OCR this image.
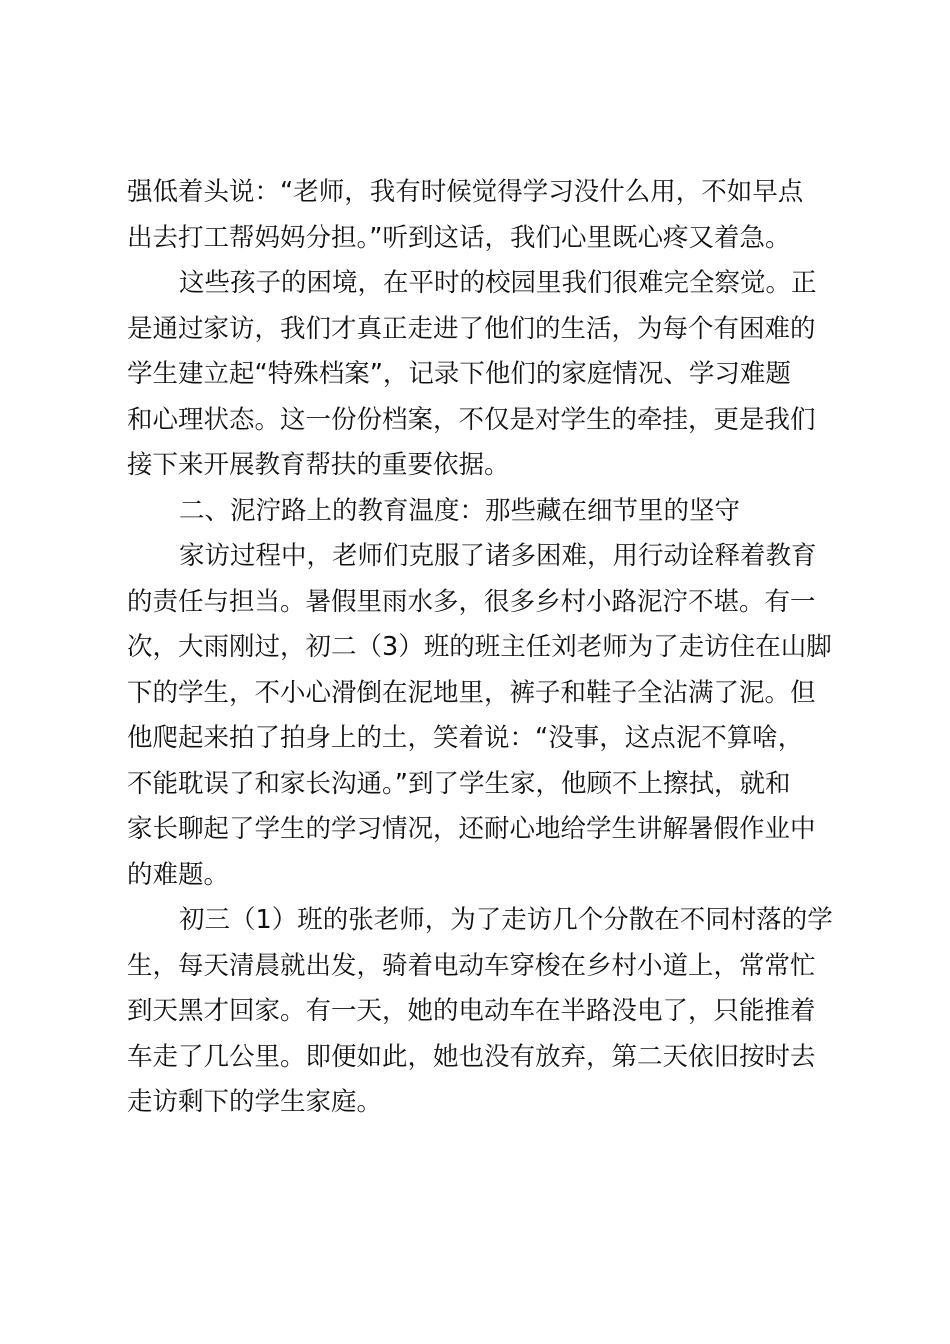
强低着头说：“老师，我有时候觉得学习没什么用，不如早点
出去打工帮妈妈分担。”听到这话，我们心里既心疼又着急。
这些孩子的困境，在平时的校园里我们很难完全察觉。正
是通过家访，我们才真正走进了他们的生活，为每个有困难的
学生建立起“特殊档案”，记录下他们的家庭情况、学习难题
和心理状态。这一份份档案，不仅是对学生的牵挂，更是我们
接下来开展教育帮扶的重要依据。
二、泥泞路上的教育温度：那些藏在细节里的坚守
家访过程中，老师们克服了诸多困难，用行动诠释着教育
的责任与担当。暑假里雨水多，很多乡村小路泥泞不堪。有一
次，大雨刚过，初二（3）班的班主任刘老师为了走访住在山脚
下的学生，不小心滑倒在泥地里，裤子和鞋子全沾满了泥。但
他爬起来拍了拍身上的土，笑着说：“没事，这点泥不算啥，
不能耽误了和家长沟通。”到了学生家，他顾不上擦拭，就和
家长聊起了学生的学习情况，还耐心地给学生讲解暑假作业中
的难题。
初三（1）班的张老师，为了走访几个分散在不同村落的学
生，每天清晨就出发，骑着电动车穿梭在乡村小道上，常常忙
到天黑才回家。有一天，她的电动车在半路没电了，只能推着
车走了几公里。即便如此，她也没有放弃，第二天依旧按时去
走访剩下的学生家庭。
